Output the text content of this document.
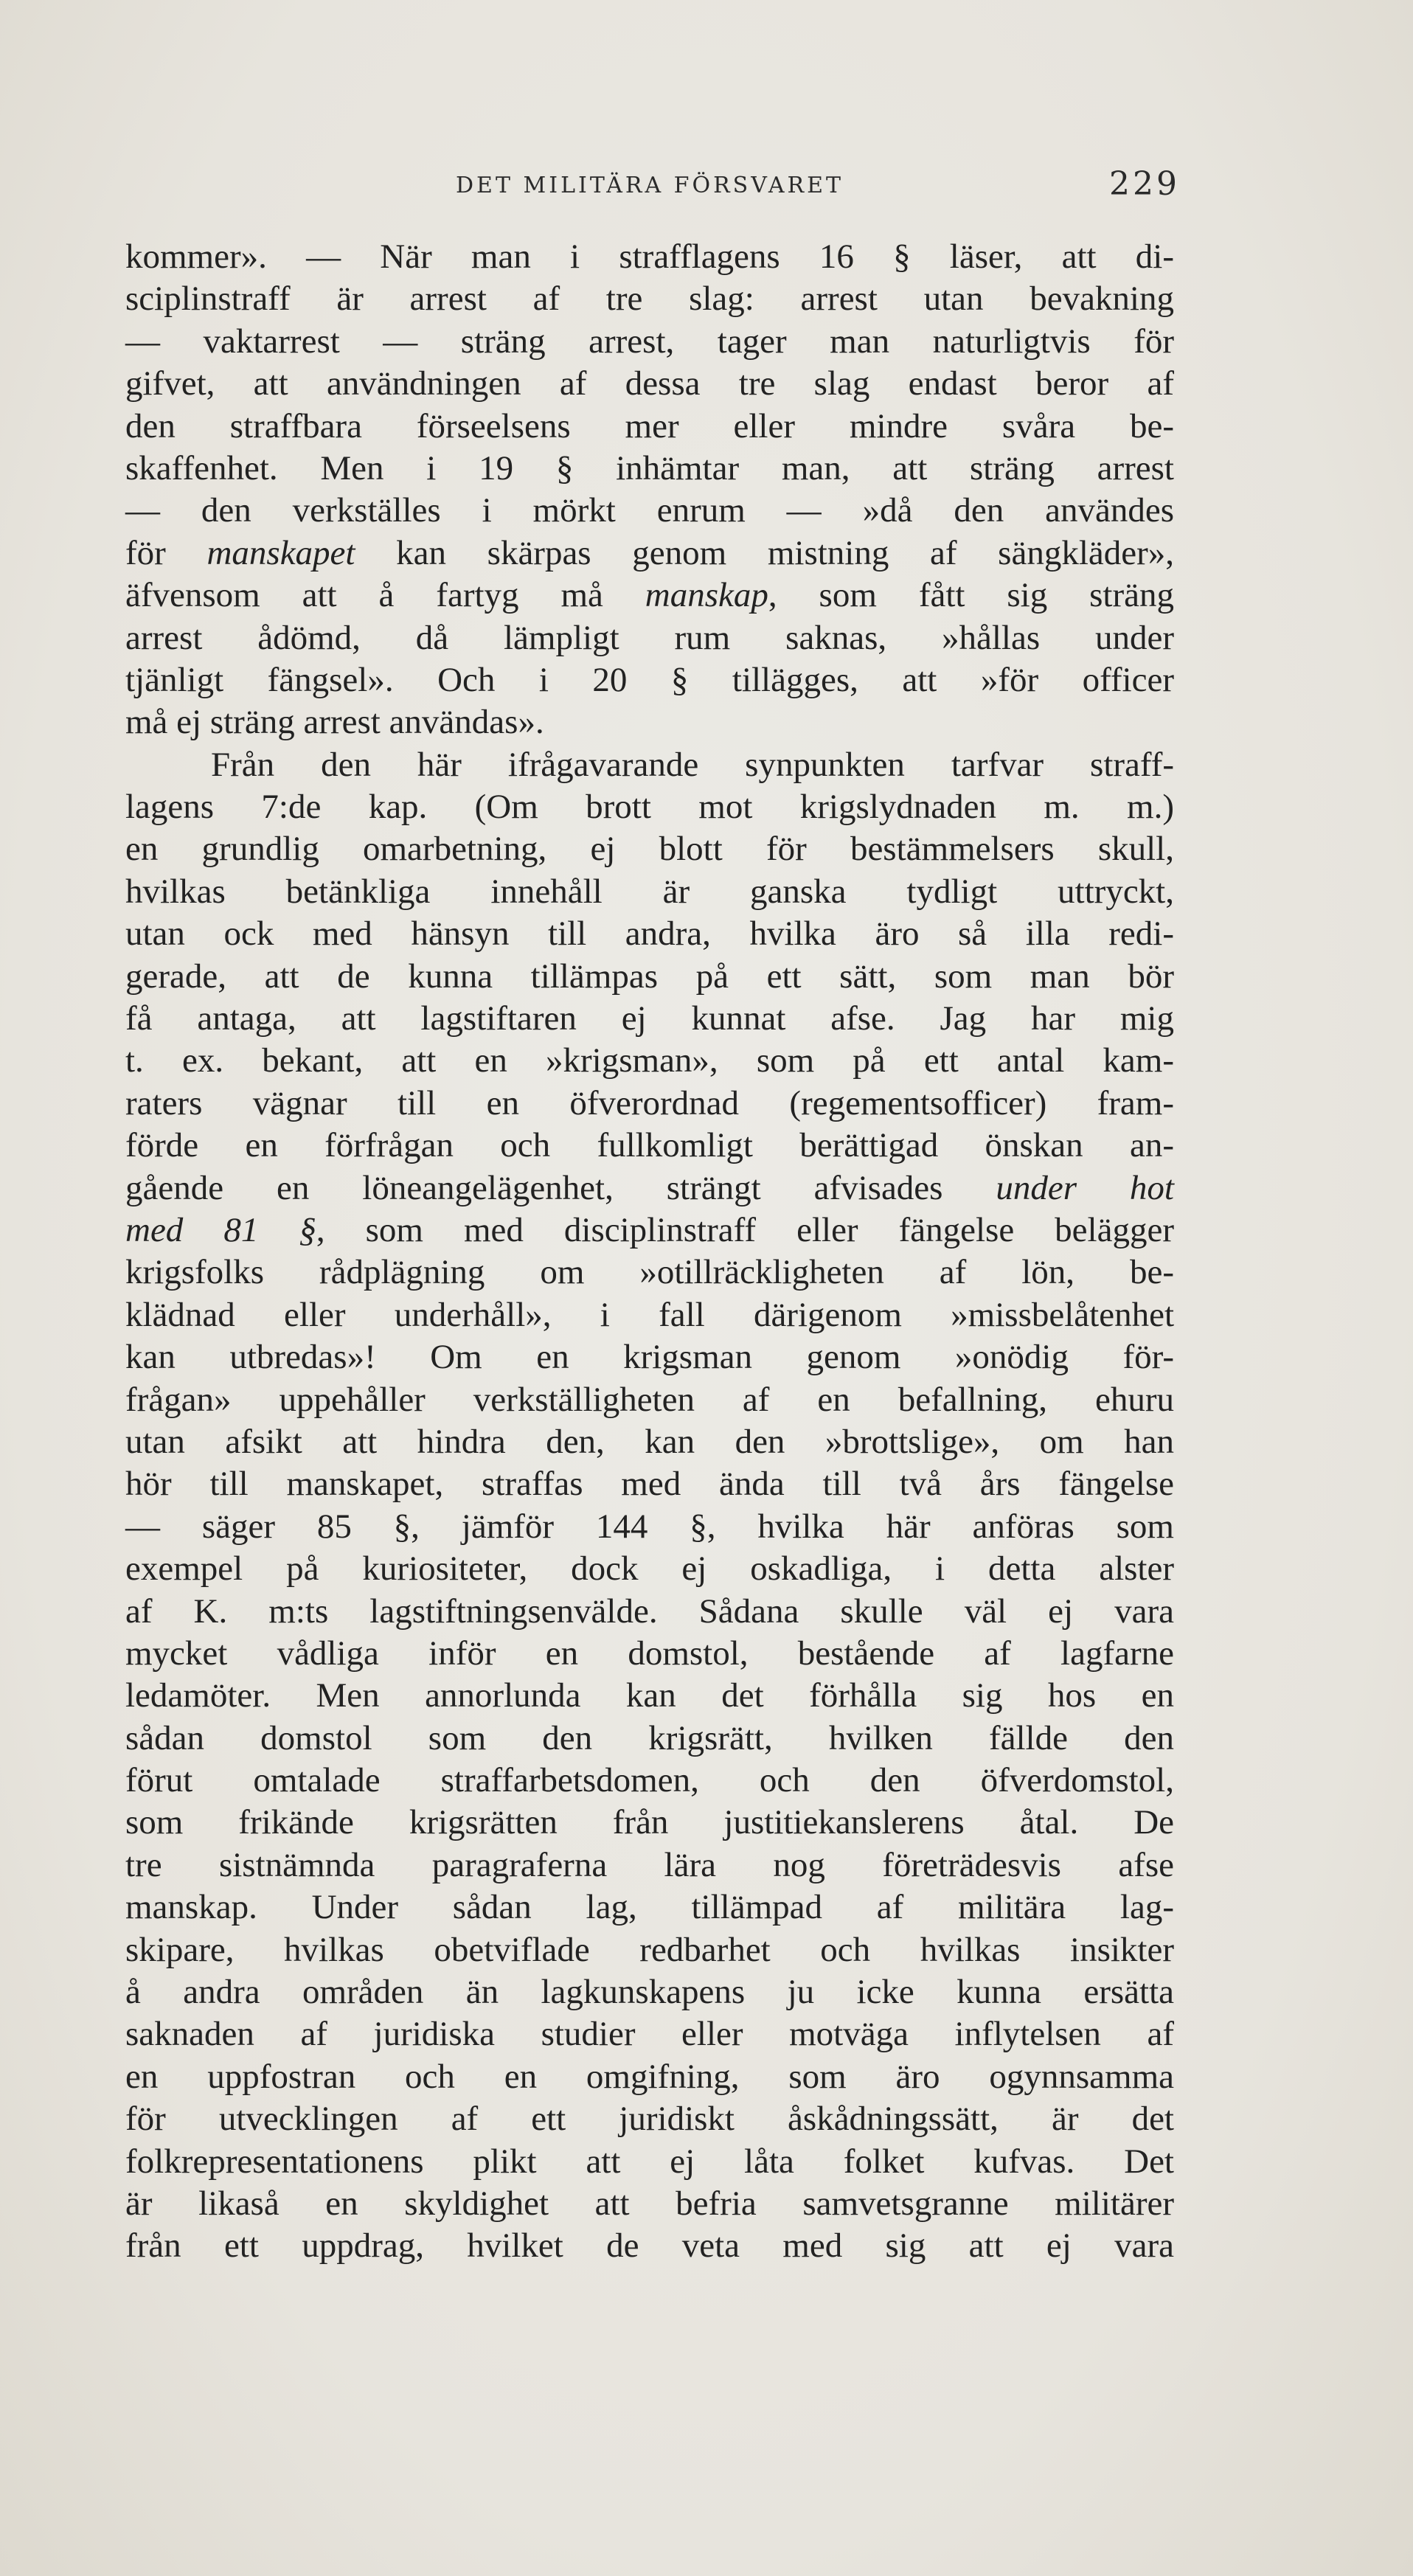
DET MILITÄRA FÖRSVARET	229
kommer». — När man i strafflagens 16 § läser, att di-
sciplinstraff är arrest af tre slag: arrest utan bevakning
— vaktarrest — sträng arrest, tager man naturligtvis för
gifvet, att användningen af dessa tre slag endast beror af
den straffbara förseelsens mer eller mindre svåra be-
skaffenhet. Men i 19 § inhämtar man, att sträng arrest
— den verkställes i mörkt enrum — »då den användes
för manskapet kan skärpas genom mistning af sängkläder»,
äfvensom att å fartyg må manskap, som fått sig sträng
arrest ådömd, då lämpligt rum saknas, »hållas under
tjänligt fängsel». Och i 20 § tillägges, att »för officer
må ej sträng arrest användas».
Från den här ifrågavarande synpunkten tarfvar straff-
lagens 7:de kap. (Om brott mot krigslydnaden m. m.)
en grundlig omarbetning, ej blott för bestämmelsers skull,
hvilkas betänkliga innehåll är ganska tydligt uttryckt,
utan ock med hänsyn till andra, hvilka äro så illa redi-
gerade, att de kunna tillämpas på ett sätt, som man bör
få antaga, att lagstiftaren ej kunnat afse. Jag har mig
t. ex. bekant, att en »krigsman», som på ett antal kam-
raters vägnar till en öfverordnad (regementsofficer) fram-
förde en förfrågan och fullkomligt berättigad önskan an-
gående en löneangelägenhet, strängt afvisades under hot
med 81 §, som med disciplinstraff eller fängelse belägger
krigsfolks rådplägning om »otillräckligheten af lön, be-
klädnad eller underhåll», i fall därigenom »missbelåtenhet
kan utbredas»! Om en krigsman genom »onödig för-
frågan» uppehåller verkställigheten af en befallning, ehuru
utan afsikt att hindra den, kan den »brottslige», om han
hör till manskapet, straffas med ända till två års fängelse
— säger 85 §, jämför 144 §, hvilka här anföras som
exempel på kuriositeter, dock ej oskadliga, i detta alster
af K. m:ts lagstiftningsenvälde. Sådana skulle väl ej vara
mycket vådliga inför en domstol, bestående af lagfarne
ledamöter. Men annorlunda kan det förhålla sig hos en
sådan domstol som den krigsrätt, hvilken fällde den
förut omtalade straffarbetsdomen, och den öfverdomstol,
som frikände krigsrätten från justitiekanslerens åtal. De
tre sistnämnda paragraferna lära nog företrädesvis afse
manskap. Under sådan lag, tillämpad af militära lag-
skipare, hvilkas obetviflade redbarhet och hvilkas insikter
å andra områden än lagkunskapens ju icke kunna ersätta
saknaden af juridiska studier eller motväga inflytelsen af
en uppfostran och en omgifning, som äro ogynnsamma
för utvecklingen af ett juridiskt åskådningssätt, är det
folkrepresentationens plikt att ej låta folket kufvas. Det
är likaså en skyldighet att befria samvetsgranne militärer
från ett uppdrag, hvilket de veta med sig att ej vara
